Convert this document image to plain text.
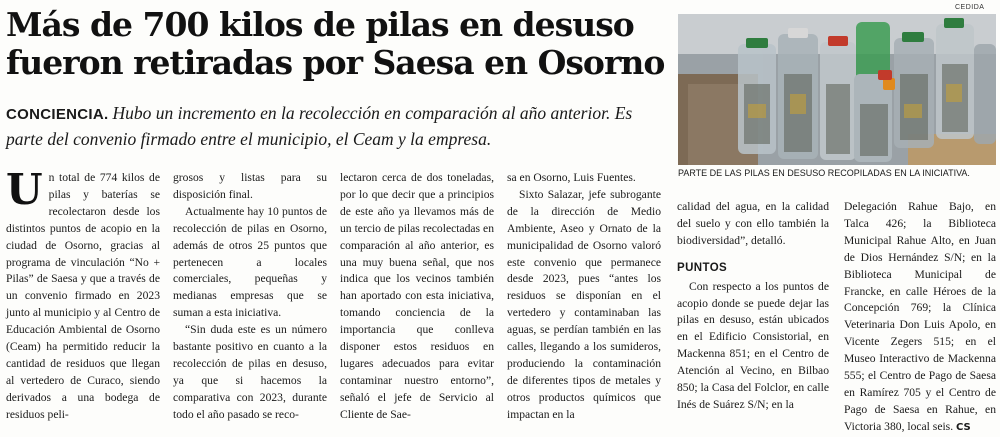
Más de 700 kilos de pilas en desuso fueron retiradas por Saesa en Osorno

CONCIENCIA. Hubo un incremento en la recolección en comparación al año anterior. Es parte del convenio firmado entre el municipio, el Ceam y la empresa.

CEDIDA
PARTE DE LAS PILAS EN DESUSO RECOPILADAS EN LA INICIATIVA.

Un total de 774 kilos de pilas y baterías se recolectaron desde los distintos puntos de acopio en la ciudad de Osorno, gracias al programa de vinculación “No + Pilas” de Saesa y que a través de un convenio firmado en 2023 junto al municipio y al Centro de Educación Ambiental de Osorno (Ceam) ha permitido reducir la cantidad de residuos que llegan al vertedero de Curaco, siendo derivados a una bodega de residuos peli-

grosos y listas para su disposición final.

Actualmente hay 10 puntos de recolección de pilas en Osorno, además de otros 25 puntos que pertenecen a locales comerciales, pequeñas y medianas empresas que se suman a esta iniciativa.

“Sin duda este es un número bastante positivo en cuanto a la recolección de pilas en desuso, ya que si hacemos la comparativa con 2023, durante todo el año pasado se reco-

lectaron cerca de dos toneladas, por lo que decir que a principios de este año ya llevamos más de un tercio de pilas recolectadas en comparación al año anterior, es una muy buena señal, que nos indica que los vecinos también han aportado con esta iniciativa, tomando conciencia de la importancia que conlleva disponer estos residuos en lugares adecuados para evitar contaminar nuestro entorno”, señaló el jefe de Servicio al Cliente de Sae-

sa en Osorno, Luis Fuentes.

Sixto Salazar, jefe subrogante de la dirección de Medio Ambiente, Aseo y Ornato de la municipalidad de Osorno valoró este convenio que permanece desde 2023, pues “antes los residuos se disponían en el vertedero y contaminaban las aguas, se perdían también en las calles, llegando a los sumideros, produciendo la contaminación de diferentes tipos de metales y otros productos químicos que impactan en la

calidad del agua, en la calidad del suelo y con ello también la biodiversidad”, detalló.

PUNTOS

Con respecto a los puntos de acopio donde se puede dejar las pilas en desuso, están ubicados en el Edificio Consistorial, en Mackenna 851; en el Centro de Atención al Vecino, en Bilbao 850; la Casa del Folclor, en calle Inés de Suárez S/N; en la

Delegación Rahue Bajo, en Talca 426; la Biblioteca Municipal Rahue Alto, en Juan de Dios Hernández S/N; en la Biblioteca Municipal de Francke, en calle Héroes de la Concepción 769; la Clínica Veterinaria Don Luis Apolo, en Vicente Zegers 515; en el Museo Interactivo de Mackenna 555; el Centro de Pago de Saesa en Ramírez 705 y el Centro de Pago de Saesa en Rahue, en Victoria 380, local seis. CS
